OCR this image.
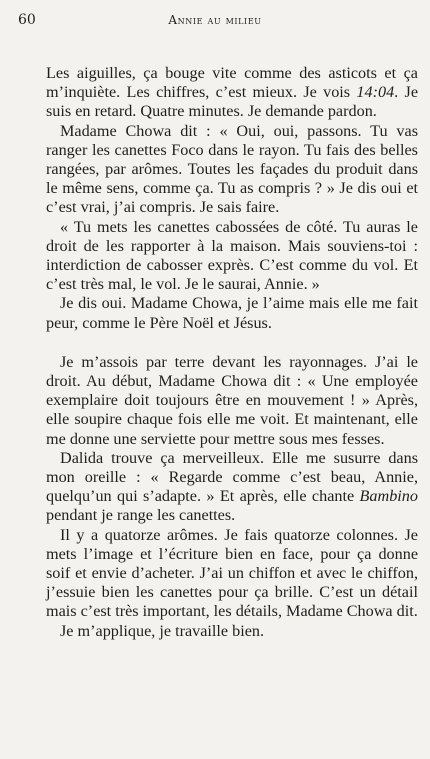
60	Annie au milieu

Les aiguilles, ça bouge vite comme des asticots et ça m’inquiète. Les chiffres, c’est mieux. Je vois 14:04. Je suis en retard. Quatre minutes. Je demande pardon.

Madame Chowa dit : « Oui, oui, passons. Tu vas ranger les canettes Foco dans le rayon. Tu fais des belles rangées, par arômes. Toutes les façades du produit dans le même sens, comme ça. Tu as compris ? » Je dis oui et c’est vrai, j’ai compris. Je sais faire.

« Tu mets les canettes cabossées de côté. Tu auras le droit de les rapporter à la maison. Mais souviens-toi : interdiction de cabosser exprès. C’est comme du vol. Et c’est très mal, le vol. Je le saurai, Annie. »

Je dis oui. Madame Chowa, je l’aime mais elle me fait peur, comme le Père Noël et Jésus.

Je m’assois par terre devant les rayonnages. J’ai le droit. Au début, Madame Chowa dit : « Une employée exemplaire doit toujours être en mouvement ! » Après, elle soupire chaque fois elle me voit. Et maintenant, elle me donne une serviette pour mettre sous mes fesses.

Dalida trouve ça merveilleux. Elle me susurre dans mon oreille : « Regarde comme c’est beau, Annie, quelqu’un qui s’adapte. » Et après, elle chante Bambino pendant je range les canettes.

Il y a quatorze arômes. Je fais quatorze colonnes. Je mets l’image et l’écriture bien en face, pour ça donne soif et envie d’acheter. J’ai un chiffon et avec le chiffon, j’essuie bien les canettes pour ça brille. C’est un détail mais c’est très important, les détails, Madame Chowa dit.

Je m’applique, je travaille bien.
